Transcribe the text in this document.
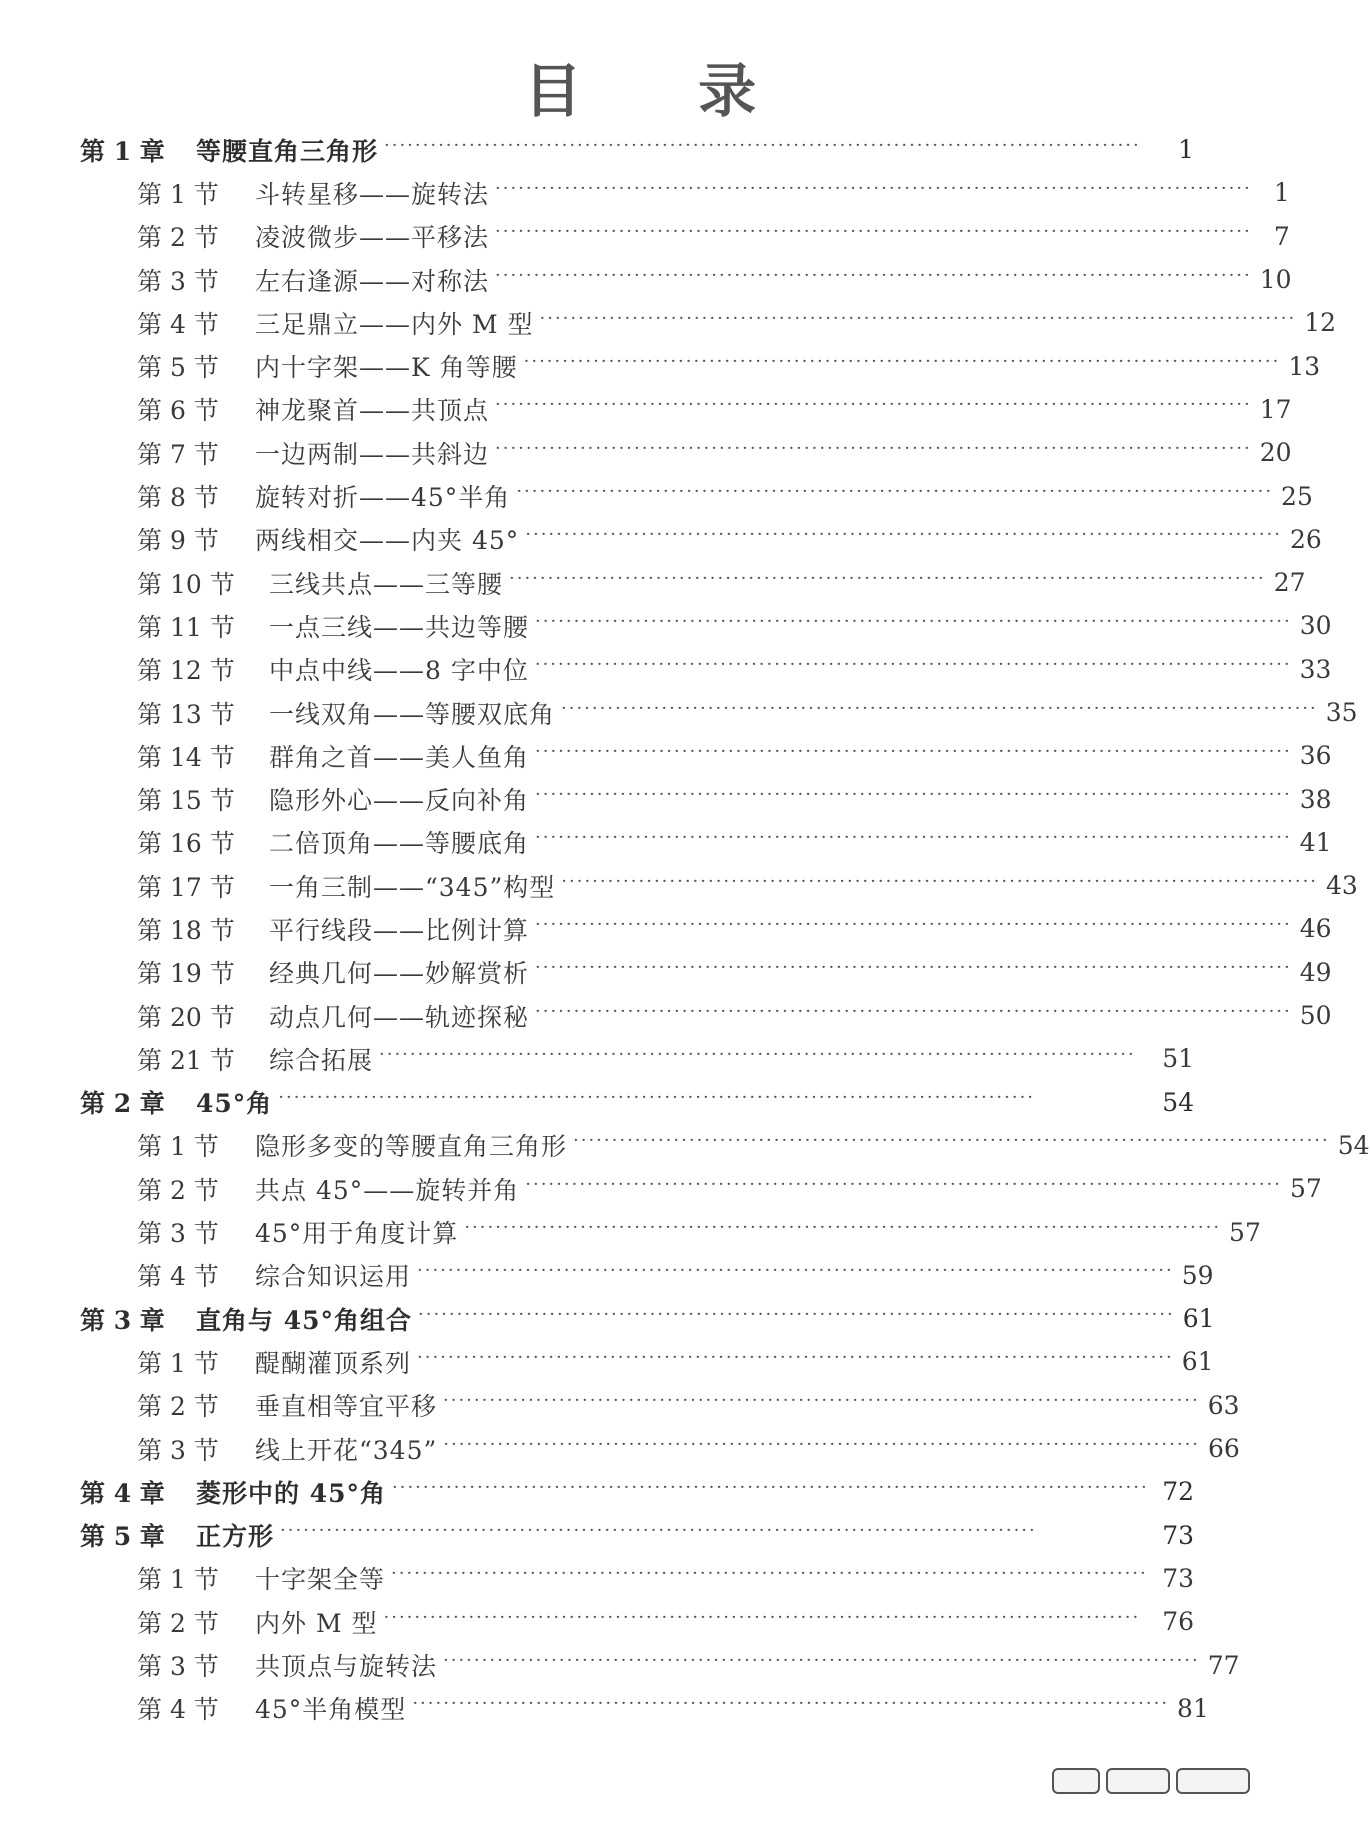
目 录
第 1 章	等腰直角三角形 ··································································································	1
第 1 节	斗转星移——旋转法 ·································································································· 1
第 2 节	凌波微步——平移法 ·································································································· 7
第 3 节	左右逢源——对称法 ·································································································· 10
第 4 节	三足鼎立——内外 M 型 ·································································································· 12
第 5 节	内十字架——K 角等腰 ·································································································· 13
第 6 节	神龙聚首——共顶点 ·································································································· 17
第 7 节	一边两制——共斜边 ·································································································· 20
第 8 节	旋转对折——45°半角 ·································································································· 25
第 9 节	两线相交——内夹 45° ·································································································· 26
第 10 节	三线共点——三等腰 ·································································································· 27
第 11 节	一点三线——共边等腰 ·································································································· 30
第 12 节	中点中线——8 字中位 ·································································································· 33
第 13 节	一线双角——等腰双底角 ·································································································· 35
第 14 节	群角之首——美人鱼角 ·································································································· 36
第 15 节	隐形外心——反向补角 ·································································································· 38
第 16 节	二倍顶角——等腰底角 ·································································································· 41
第 17 节	一角三制——“345”构型 ·································································································· 43
第 18 节	平行线段——比例计算 ·································································································· 46
第 19 节	经典几何——妙解赏析 ·································································································· 49
第 20 节	动点几何——轨迹探秘 ·································································································· 50
第 21 节	综合拓展 ··································································································	51
第 2 章	45°角 ··································································································	54
第 1 节	隐形多变的等腰直角三角形 ·································································································· 54
第 2 节	共点 45°——旋转并角 ·································································································· 57
第 3 节	45°用于角度计算 ·································································································· 57
第 4 节	综合知识运用 ·································································································· 59
第 3 章	直角与 45°角组合 ·································································································· 61
第 1 节	醍醐灌顶系列 ·································································································· 61
第 2 节	垂直相等宜平移 ·································································································· 63
第 3 节	线上开花“345” ·································································································· 66
第 4 章	菱形中的 45°角 ·································································································· 72
第 5 章	正方形 ··································································································	73
第 1 节	十字架全等 ·································································································· 73
第 2 节	内外 M 型 ·································································································· 76
第 3 节	共顶点与旋转法 ·································································································· 77
第 4 节	45°半角模型 ·································································································· 81
